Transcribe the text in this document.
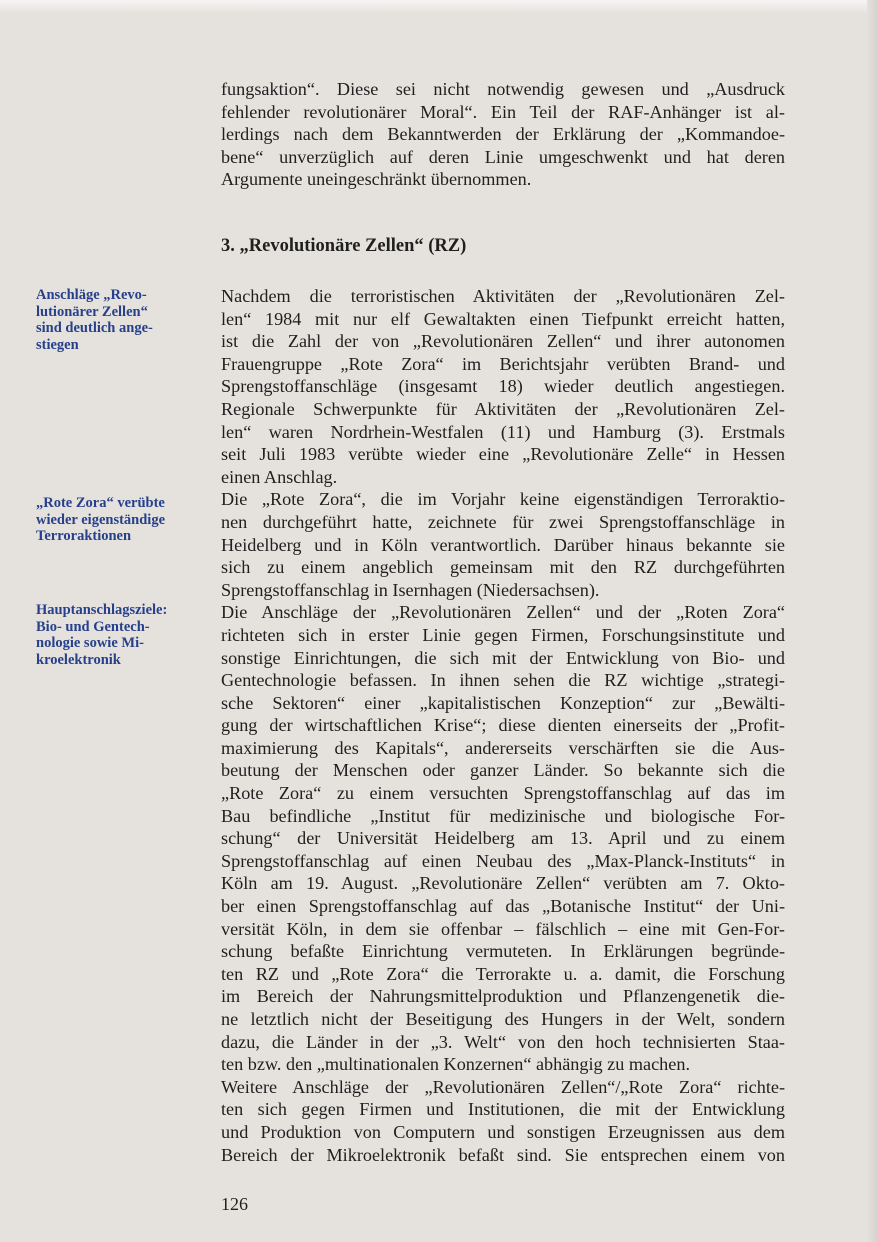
Anschläge „Revo-
lutionärer Zellen“
sind deutlich ange-
stiegen
„Rote Zora“ verübte
wieder eigenständige
Terroraktionen
Hauptanschlagsziele:
Bio- und Gentech-
nologie sowie Mi-
kroelektronik
fungsaktion“. Diese sei nicht notwendig gewesen und „Ausdruck
fehlender revolutionärer Moral“. Ein Teil der RAF-Anhänger ist al-
lerdings nach dem Bekanntwerden der Erklärung der „Kommandoe-
bene“ unverzüglich auf deren Linie umgeschwenkt und hat deren
Argumente uneingeschränkt übernommen.
3. „Revolutionäre Zellen“ (RZ)
Nachdem die terroristischen Aktivitäten der „Revolutionären Zel-
len“ 1984 mit nur elf Gewaltakten einen Tiefpunkt erreicht hatten,
ist die Zahl der von „Revolutionären Zellen“ und ihrer autonomen
Frauengruppe „Rote Zora“ im Berichtsjahr verübten Brand- und
Sprengstoffanschläge (insgesamt 18) wieder deutlich angestiegen.
Regionale Schwerpunkte für Aktivitäten der „Revolutionären Zel-
len“ waren Nordrhein-Westfalen (11) und Hamburg (3). Erstmals
seit Juli 1983 verübte wieder eine „Revolutionäre Zelle“ in Hessen
einen Anschlag.
Die „Rote Zora“, die im Vorjahr keine eigenständigen Terroraktio-
nen durchgeführt hatte, zeichnete für zwei Sprengstoffanschläge in
Heidelberg und in Köln verantwortlich. Darüber hinaus bekannte sie
sich zu einem angeblich gemeinsam mit den RZ durchgeführten
Sprengstoffanschlag in Isernhagen (Niedersachsen).
Die Anschläge der „Revolutionären Zellen“ und der „Roten Zora“
richteten sich in erster Linie gegen Firmen, Forschungsinstitute und
sonstige Einrichtungen, die sich mit der Entwicklung von Bio- und
Gentechnologie befassen. In ihnen sehen die RZ wichtige „strategi-
sche Sektoren“ einer „kapitalistischen Konzeption“ zur „Bewälti-
gung der wirtschaftlichen Krise“; diese dienten einerseits der „Profit-
maximierung des Kapitals“, andererseits verschärften sie die Aus-
beutung der Menschen oder ganzer Länder. So bekannte sich die
„Rote Zora“ zu einem versuchten Sprengstoffanschlag auf das im
Bau befindliche „Institut für medizinische und biologische For-
schung“ der Universität Heidelberg am 13. April und zu einem
Sprengstoffanschlag auf einen Neubau des „Max-Planck-Instituts“ in
Köln am 19. August. „Revolutionäre Zellen“ verübten am 7. Okto-
ber einen Sprengstoffanschlag auf das „Botanische Institut“ der Uni-
versität Köln, in dem sie offenbar – fälschlich – eine mit Gen-For-
schung befaßte Einrichtung vermuteten. In Erklärungen begründe-
ten RZ und „Rote Zora“ die Terrorakte u. a. damit, die Forschung
im Bereich der Nahrungsmittelproduktion und Pflanzengenetik die-
ne letztlich nicht der Beseitigung des Hungers in der Welt, sondern
dazu, die Länder in der „3. Welt“ von den hoch technisierten Staa-
ten bzw. den „multinationalen Konzernen“ abhängig zu machen.
Weitere Anschläge der „Revolutionären Zellen“/„Rote Zora“ richte-
ten sich gegen Firmen und Institutionen, die mit der Entwicklung
und Produktion von Computern und sonstigen Erzeugnissen aus dem
Bereich der Mikroelektronik befaßt sind. Sie entsprechen einem von
126
